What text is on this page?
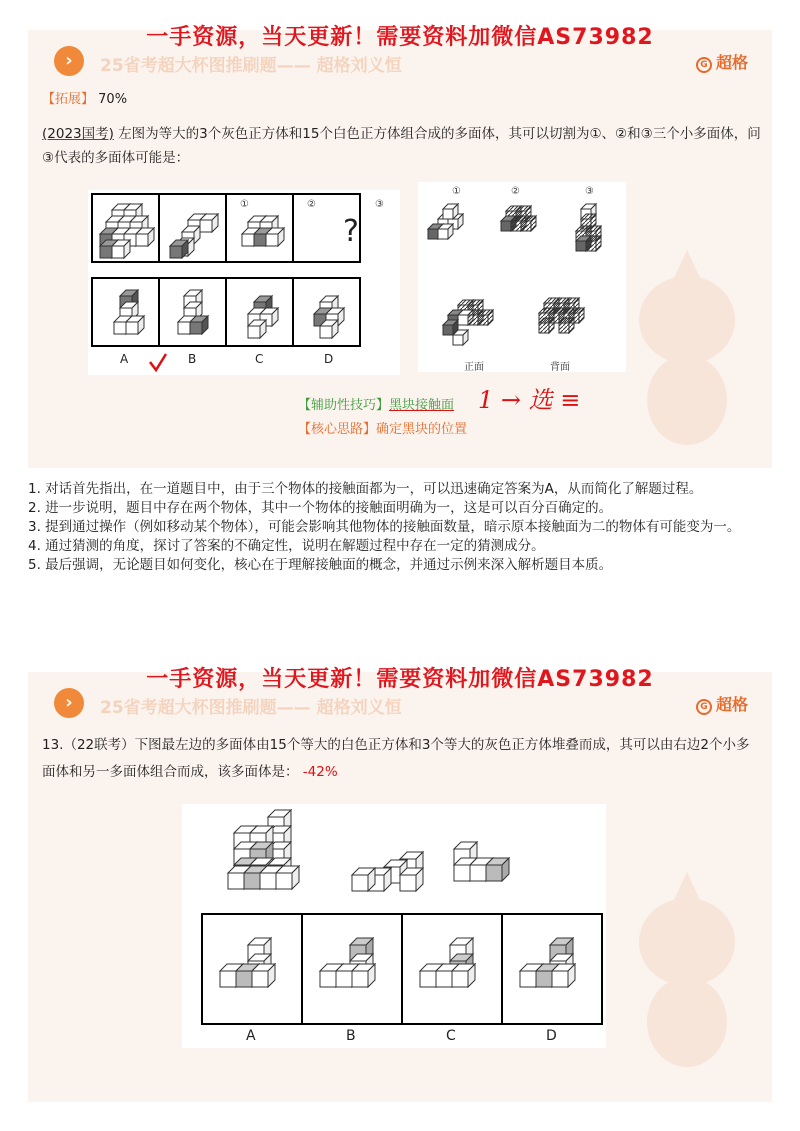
一手资源，当天更新！需要资料加微信AS73982
›	25省考超大杯图推刷题—— 超格刘义恒	G 超格
【拓展】 70%
(2023国考) 左图为等大的3个灰色正方体和15个白色正方体组合成的多面体，其可以切割为①、②和③三个小多面体，问③代表的多面体可能是：
①	②	③
?
A	B	C	D
①	②	③
正面	背面
【辅助性技巧】黑块接触面
【核心思路】确定黑块的位置
1 → 选 ≡
1. 对话首先指出，在一道题目中，由于三个物体的接触面都为一，可以迅速确定答案为A，从而简化了解题过程。
2. 进一步说明，题目中存在两个物体，其中一个物体的接触面明确为一，这是可以百分百确定的。
3. 提到通过操作（例如移动某个物体），可能会影响其他物体的接触面数量，暗示原本接触面为二的物体有可能变为一。
4. 通过猜测的角度，探讨了答案的不确定性，说明在解题过程中存在一定的猜测成分。
5. 最后强调，无论题目如何变化，核心在于理解接触面的概念，并通过示例来深入解析题目本质。
一手资源，当天更新！需要资料加微信AS73982
›	25省考超大杯图推刷题—— 超格刘义恒	G 超格
13.（22联考）下图最左边的多面体由15个等大的白色正方体和3个等大的灰色正方体堆叠而成，其可以由右边2个小多面体和另一多面体组合而成，该多面体是： -42%
A	B	C	D
